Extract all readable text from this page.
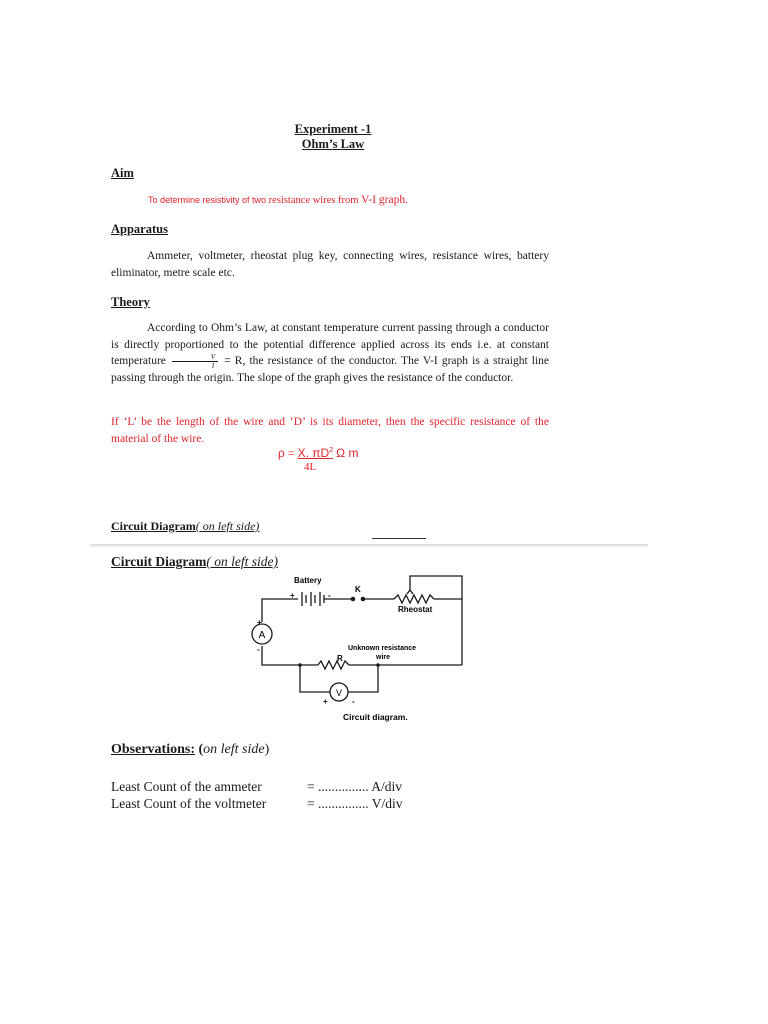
Experiment -1
Ohm’s Law
Aim
To determine resistivity of two resistance wires from V-I graph.
Apparatus

Ammeter, voltmeter, rheostat plug key, connecting wires, resistance wires, battery eliminator, metre scale etc.

Theory

According to Ohm’s Law, at constant temperature current passing through a conductor is directly proportioned to the potential difference applied across its ends i.e. at constant temperature $\frac{V}{I} = R$, the resistance of the conductor. The V-I graph is a straight line passing through the origin. The slope of the graph gives the resistance of the conductor.

If ‘L’ be the length of the wire and ‘D’ is its diameter, then the specific resistance of the material of the wire.
ρ = X. $\pi D^2$ Ω m
4L
Circuit Diagram( on left side)
Circuit Diagram( on left side)
A
V
Battery
+	-
K
Rheostat
+
-	Unknown resistance
wire
R
+	-
Circuit diagram.
Observations: (on left side)
Least Count of the ammeter	= ............... A/div
Least Count of the voltmeter	= ............... V/div
